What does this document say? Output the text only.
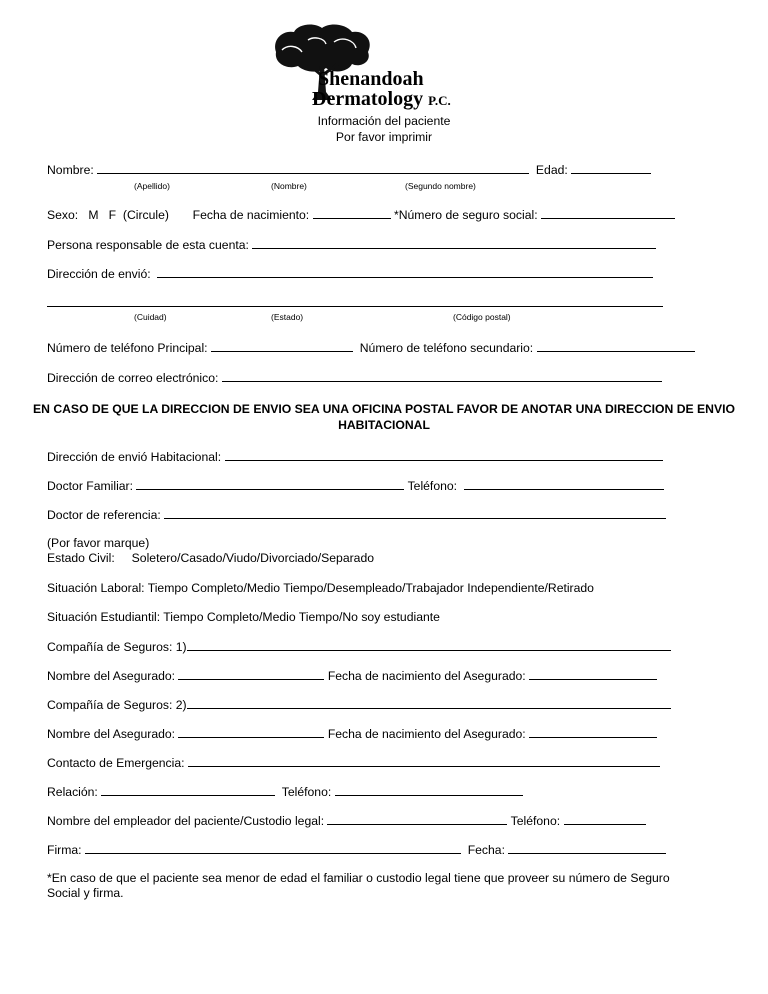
Shenandoah
Dermatology P.C.
Información del paciente
Por favor imprimir
Nombre:	Edad:
(Apellido)	(Nombre)	(Segundo nombre)
Sexo: M F (Circule) Fecha de nacimiento:	*Número de seguro social:
Persona responsable de esta cuenta:
Dirección de envió:
(Cuidad)	(Estado)	(Código postal)
Número de teléfono Principal:	Número de teléfono secundario:
Dirección de correo electrónico:
EN CASO DE QUE LA DIRECCION DE ENVIO SEA UNA OFICINA POSTAL FAVOR DE ANOTAR UNA DIRECCION DE ENVIO
HABITACIONAL
Dirección de envió Habitacional:
Doctor Familiar:	Teléfono:
Doctor de referencia:
(Por favor marque)
Estado Civil: Soletero/Casado/Viudo/Divorciado/Separado
Situación Laboral: Tiempo Completo/Medio Tiempo/Desempleado/Trabajador Independiente/Retirado
Situación Estudiantil: Tiempo Completo/Medio Tiempo/No soy estudiante
Compañía de Seguros: 1)
Nombre del Asegurado:	Fecha de nacimiento del Asegurado:
Compañía de Seguros: 2)
Nombre del Asegurado:	Fecha de nacimiento del Asegurado:
Contacto de Emergencia:
Relación:	Teléfono:
Nombre del empleador del paciente/Custodio legal:	Teléfono:
Firma:	Fecha:
*En caso de que el paciente sea menor de edad el familiar o custodio legal tiene que proveer su número de Seguro
Social y firma.
